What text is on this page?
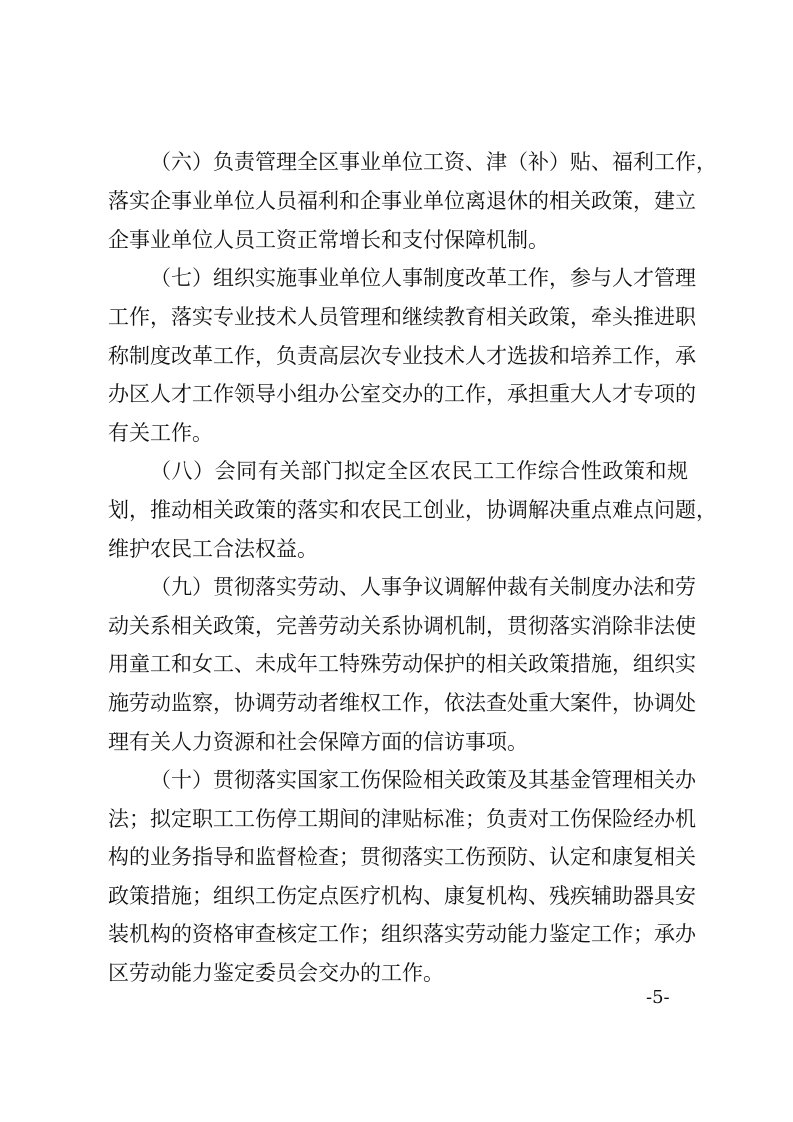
（六）负责管理全区事业单位工资、津（补）贴、福利工作，

落实企事业单位人员福利和企事业单位离退休的相关政策，建立

企事业单位人员工资正常增长和支付保障机制。

（七）组织实施事业单位人事制度改革工作，参与人才管理

工作，落实专业技术人员管理和继续教育相关政策，牵头推进职

称制度改革工作，负责高层次专业技术人才选拔和培养工作，承

办区人才工作领导小组办公室交办的工作，承担重大人才专项的

有关工作。

（八）会同有关部门拟定全区农民工工作综合性政策和规

划，推动相关政策的落实和农民工创业，协调解决重点难点问题，

维护农民工合法权益。

（九）贯彻落实劳动、人事争议调解仲裁有关制度办法和劳

动关系相关政策，完善劳动关系协调机制，贯彻落实消除非法使

用童工和女工、未成年工特殊劳动保护的相关政策措施，组织实

施劳动监察，协调劳动者维权工作，依法查处重大案件，协调处

理有关人力资源和社会保障方面的信访事项。

（十）贯彻落实国家工伤保险相关政策及其基金管理相关办

法；拟定职工工伤停工期间的津贴标准；负责对工伤保险经办机

构的业务指导和监督检查；贯彻落实工伤预防、认定和康复相关

政策措施；组织工伤定点医疗机构、康复机构、残疾辅助器具安

装机构的资格审查核定工作；组织落实劳动能力鉴定工作；承办

区劳动能力鉴定委员会交办的工作。

-5-
